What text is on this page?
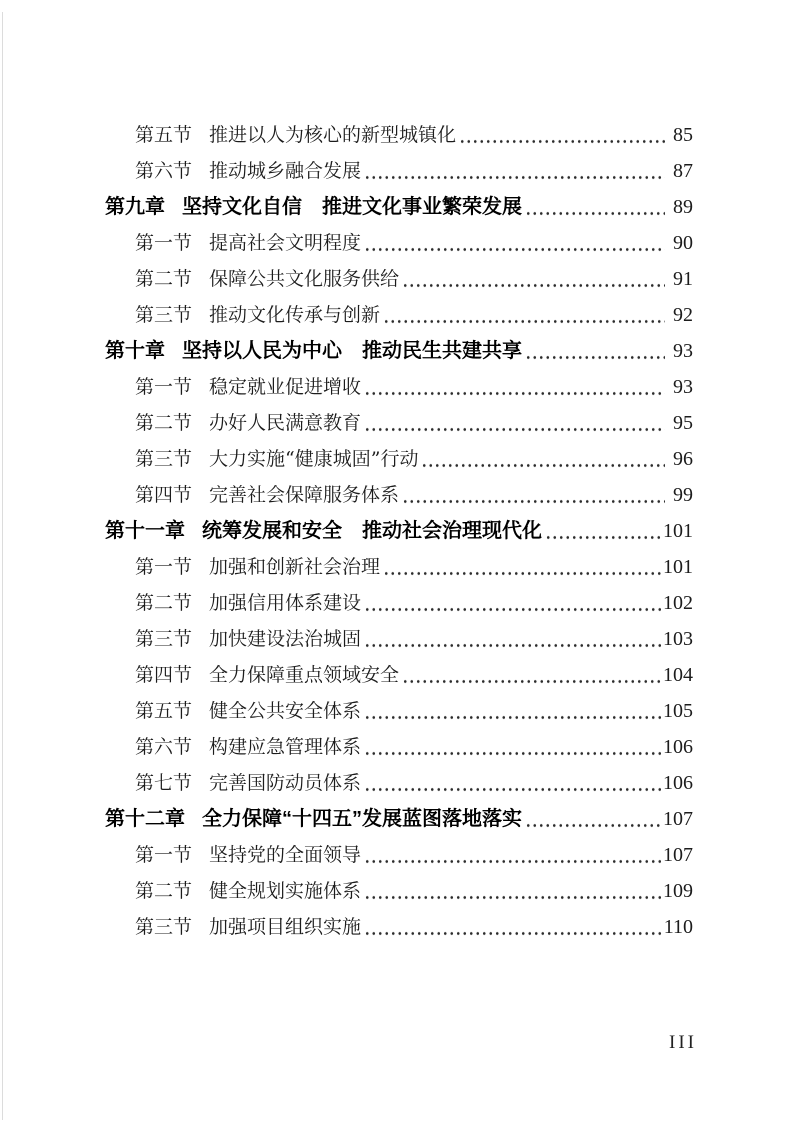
第五节 推进以人为核心的新型城镇化	85
第六节 推动城乡融合发展	87
第九章 坚持文化自信　推进文化事业繁荣发展	89
第一节 提高社会文明程度	90
第二节 保障公共文化服务供给	91
第三节 推动文化传承与创新	92
第十章 坚持以人民为中心　推动民生共建共享	93
第一节 稳定就业促进增收	93
第二节 办好人民满意教育	95
第三节 大力实施“健康城固”行动	96
第四节 完善社会保障服务体系	99
第十一章 统筹发展和安全　推动社会治理现代化	101
第一节 加强和创新社会治理	101
第二节 加强信用体系建设	102
第三节 加快建设法治城固	103
第四节 全力保障重点领域安全	104
第五节 健全公共安全体系	105
第六节 构建应急管理体系	106
第七节 完善国防动员体系	106
第十二章 全力保障“十四五”发展蓝图落地落实	107
第一节 坚持党的全面领导	107
第二节 健全规划实施体系	109
第三节 加强项目组织实施	110
III
